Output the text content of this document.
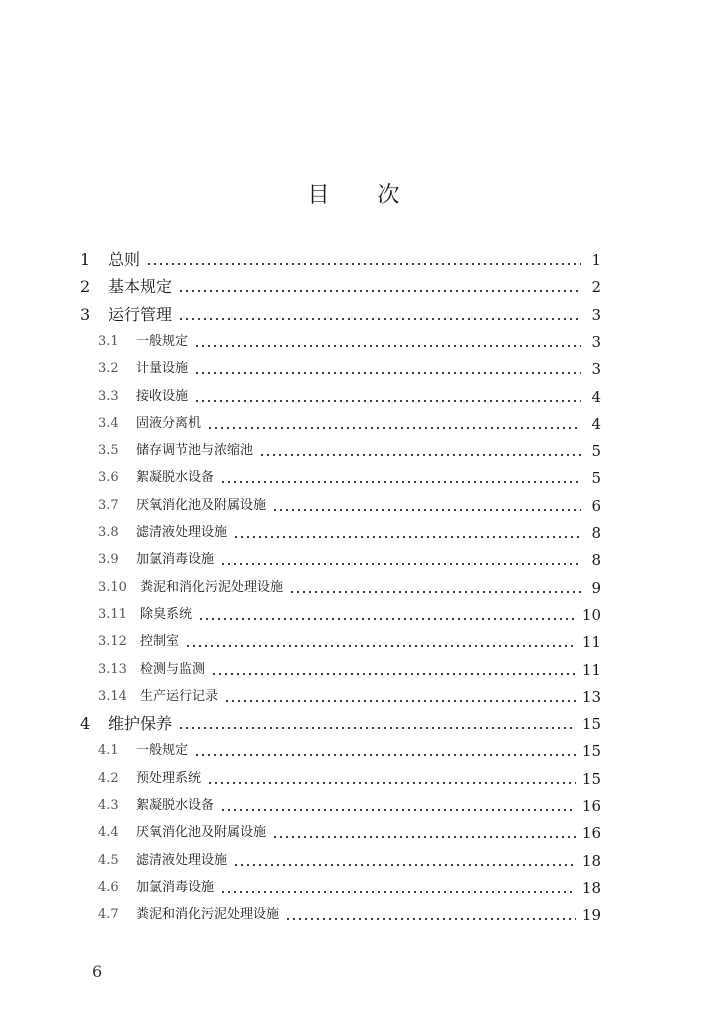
目次
1	总则	1
2	基本规定	2
3	运行管理	3
3.1	一般规定	3
3.2	计量设施	3
3.3	接收设施	4
3.4	固液分离机	4
3.5	储存调节池与浓缩池	5
3.6	絮凝脱水设备	5
3.7	厌氧消化池及附属设施	6
3.8	滤清液处理设施	8
3.9	加氯消毒设施	8
3.10	粪泥和消化污泥处理设施	9
3.11	除臭系统	10
3.12	控制室	11
3.13	检测与监测	11
3.14	生产运行记录	13
4	维护保养	15
4.1	一般规定	15
4.2	预处理系统	15
4.3	絮凝脱水设备	16
4.4	厌氧消化池及附属设施	16
4.5	滤清液处理设施	18
4.6	加氯消毒设施	18
4.7	粪泥和消化污泥处理设施	19
6
